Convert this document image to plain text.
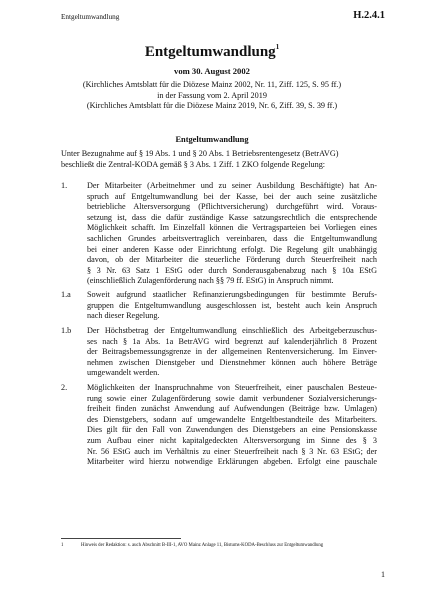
Entgeltumwandlung	H.2.4.1
Entgeltumwandlung$^1$
vom 30. August 2002
(Kirchliches Amtsblatt für die Diözese Mainz 2002, Nr. 11, Ziff. 125, S. 95 ff.)
in der Fassung vom 2. April 2019
(Kirchliches Amtsblatt für die Diözese Mainz 2019, Nr. 6, Ziff. 39, S. 39 ff.)
Entgeltumwandlung
Unter Bezugnahme auf § 19 Abs. 1 und § 20 Abs. 1 Betriebsrentengesetz (BetrAVG)
beschließt die Zentral-KODA gemäß § 3 Abs. 1 Ziff. 1 ZKO folgende Regelung:
1. Der Mitarbeiter (Arbeitnehmer und zu seiner Ausbildung Beschäftigte) hat An-
spruch auf Entgeltumwandlung bei der Kasse, bei der auch seine zusätzliche
betriebliche Altersversorgung (Pflichtversicherung) durchgeführt wird. Voraus-
setzung ist, dass die dafür zuständige Kasse satzungsrechtlich die entsprechende
Möglichkeit schafft. Im Einzelfall können die Vertragsparteien bei Vorliegen eines
sachlichen Grundes arbeitsvertraglich vereinbaren, dass die Entgeltumwandlung
bei einer anderen Kasse oder Einrichtung erfolgt. Die Regelung gilt unabhängig
davon, ob der Mitarbeiter die steuerliche Förderung durch Steuerfreiheit nach
§ 3 Nr. 63 Satz 1 EStG oder durch Sonderausgabenabzug nach § 10a EStG
(einschließlich Zulagenförderung nach §§ 79 ff. EStG) in Anspruch nimmt.
1.a Soweit aufgrund staatlicher Refinanzierungsbedingungen für bestimmte Berufs-
gruppen die Entgeltumwandlung ausgeschlossen ist, besteht auch kein Anspruch
nach dieser Regelung.
1.b Der Höchstbetrag der Entgeltumwandlung einschließlich des Arbeitgeberzuschus-
ses nach § 1a Abs. 1a BetrAVG wird begrenzt auf kalenderjährlich 8 Prozent
der Beitragsbemessungsgrenze in der allgemeinen Rentenversicherung. Im Einver-
nehmen zwischen Dienstgeber und Dienstnehmer können auch höhere Beträge
umgewandelt werden.
2. Möglichkeiten der Inanspruchnahme von Steuerfreiheit, einer pauschalen Besteue-
rung sowie einer Zulagenförderung sowie damit verbundener Sozialversicherungs-
freiheit finden zunächst Anwendung auf Aufwendungen (Beiträge bzw. Umlagen)
des Dienstgebers, sodann auf umgewandelte Entgeltbestandteile des Mitarbeiters.
Dies gilt für den Fall von Zuwendungen des Dienstgebers an eine Pensionskasse
zum Aufbau einer nicht kapitalgedeckten Altersversorgung im Sinne des § 3
Nr. 56 EStG auch im Verhältnis zu einer Steuerfreiheit nach § 3 Nr. 63 EStG; der
Mitarbeiter wird hierzu notwendige Erklärungen abgeben. Erfolgt eine pauschale
1	Hinweis der Redaktion: s. auch Abschnitt B-III-1, AVO Mainz Anlage 11, Bistums-KODA-Beschluss zur Entgeltumwandlung
1
